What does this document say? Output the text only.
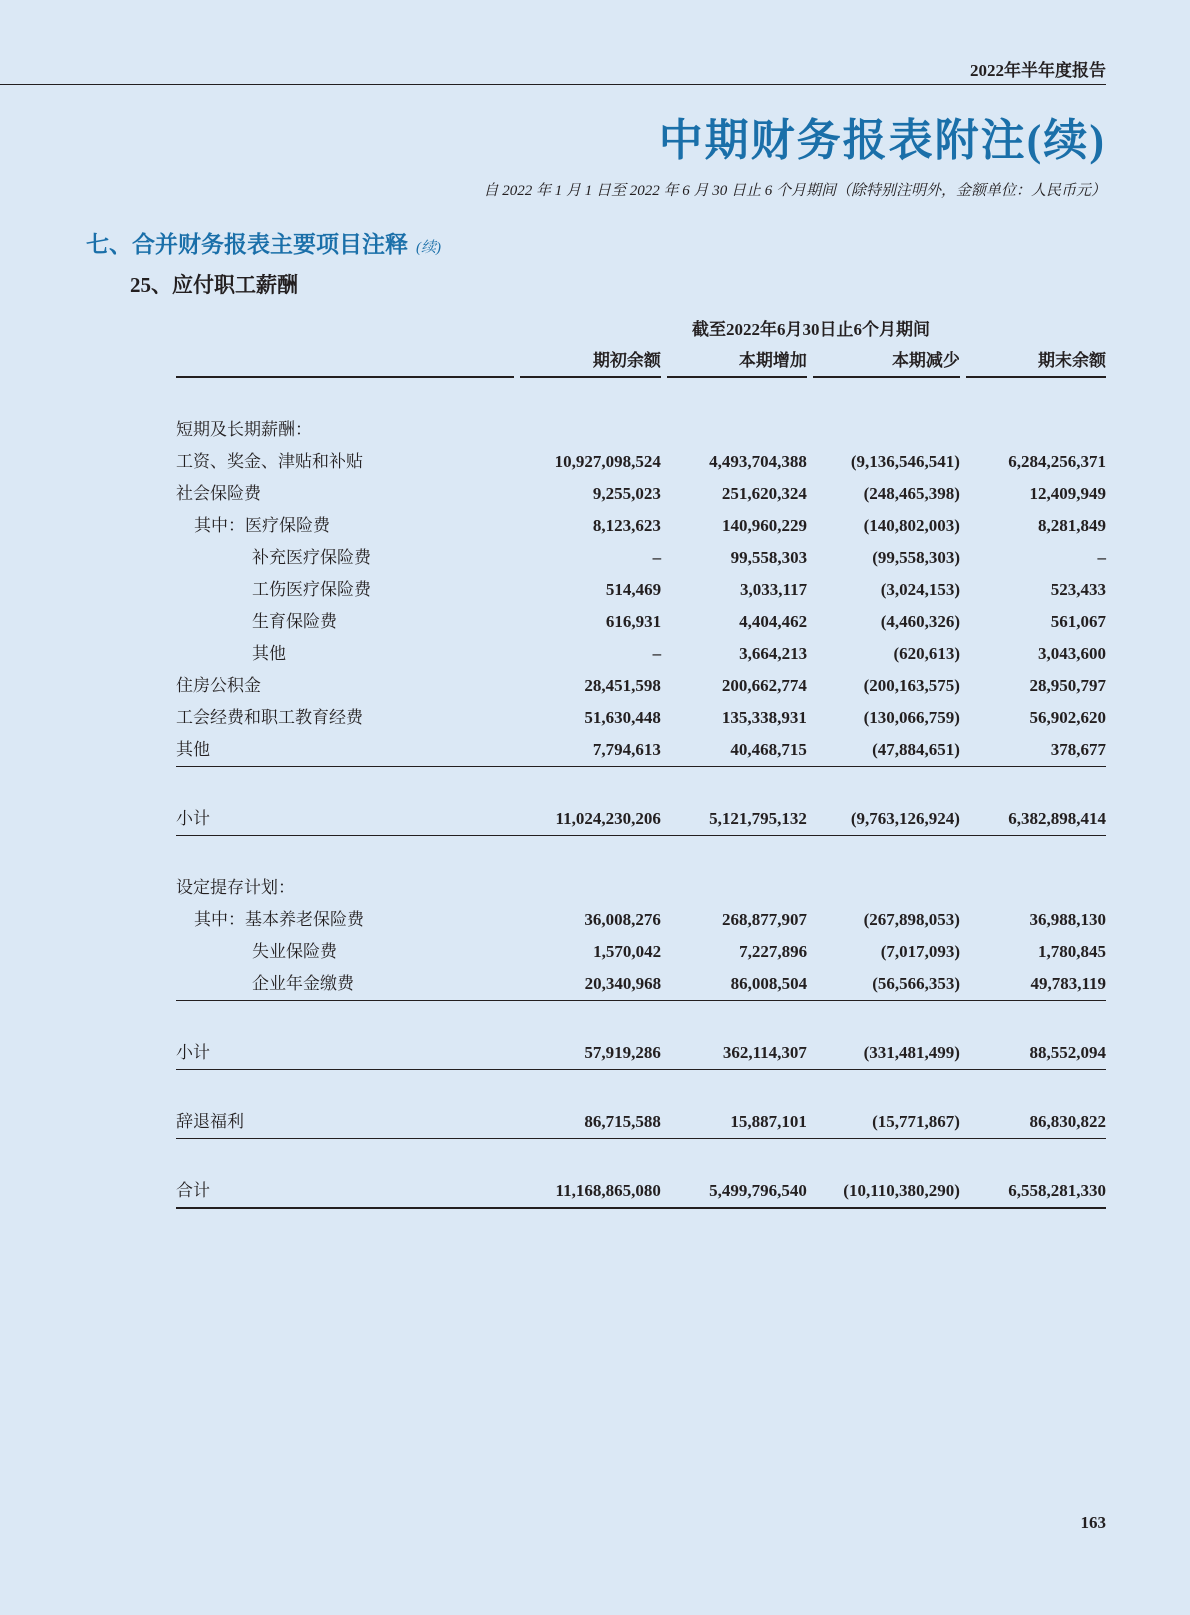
2022年半年度报告
中期财务报表附注(续)
自 2022 年 1 月 1 日至 2022 年 6 月 30 日止 6 个月期间（除特别注明外，金额单位：人民币元）
七、合并财务报表主要项目注释 (续)
25、应付职工薪酬
截至2022年6月30日止6个月期间
期初余额	本期增加	本期减少	期末余额
短期及长期薪酬：
工资、奖金、津贴和补贴	10,927,098,524	4,493,704,388	(9,136,546,541)	6,284,256,371
社会保险费	9,255,023	251,620,324	(248,465,398)	12,409,949
其中：医疗保险费	8,123,623	140,960,229	(140,802,003)	8,281,849
补充医疗保险费	–	99,558,303	(99,558,303)	–
工伤医疗保险费	514,469	3,033,117	(3,024,153)	523,433
生育保险费	616,931	4,404,462	(4,460,326)	561,067
其他	–	3,664,213	(620,613)	3,043,600
住房公积金	28,451,598	200,662,774	(200,163,575)	28,950,797
工会经费和职工教育经费	51,630,448	135,338,931	(130,066,759)	56,902,620
其他	7,794,613	40,468,715	(47,884,651)	378,677
小计	11,024,230,206	5,121,795,132	(9,763,126,924)	6,382,898,414
设定提存计划：
其中：基本养老保险费	36,008,276	268,877,907	(267,898,053)	36,988,130
失业保险费	1,570,042	7,227,896	(7,017,093)	1,780,845
企业年金缴费	20,340,968	86,008,504	(56,566,353)	49,783,119
小计	57,919,286	362,114,307	(331,481,499)	88,552,094
辞退福利	86,715,588	15,887,101	(15,771,867)	86,830,822
合计	11,168,865,080	5,499,796,540	(10,110,380,290)	6,558,281,330
163
